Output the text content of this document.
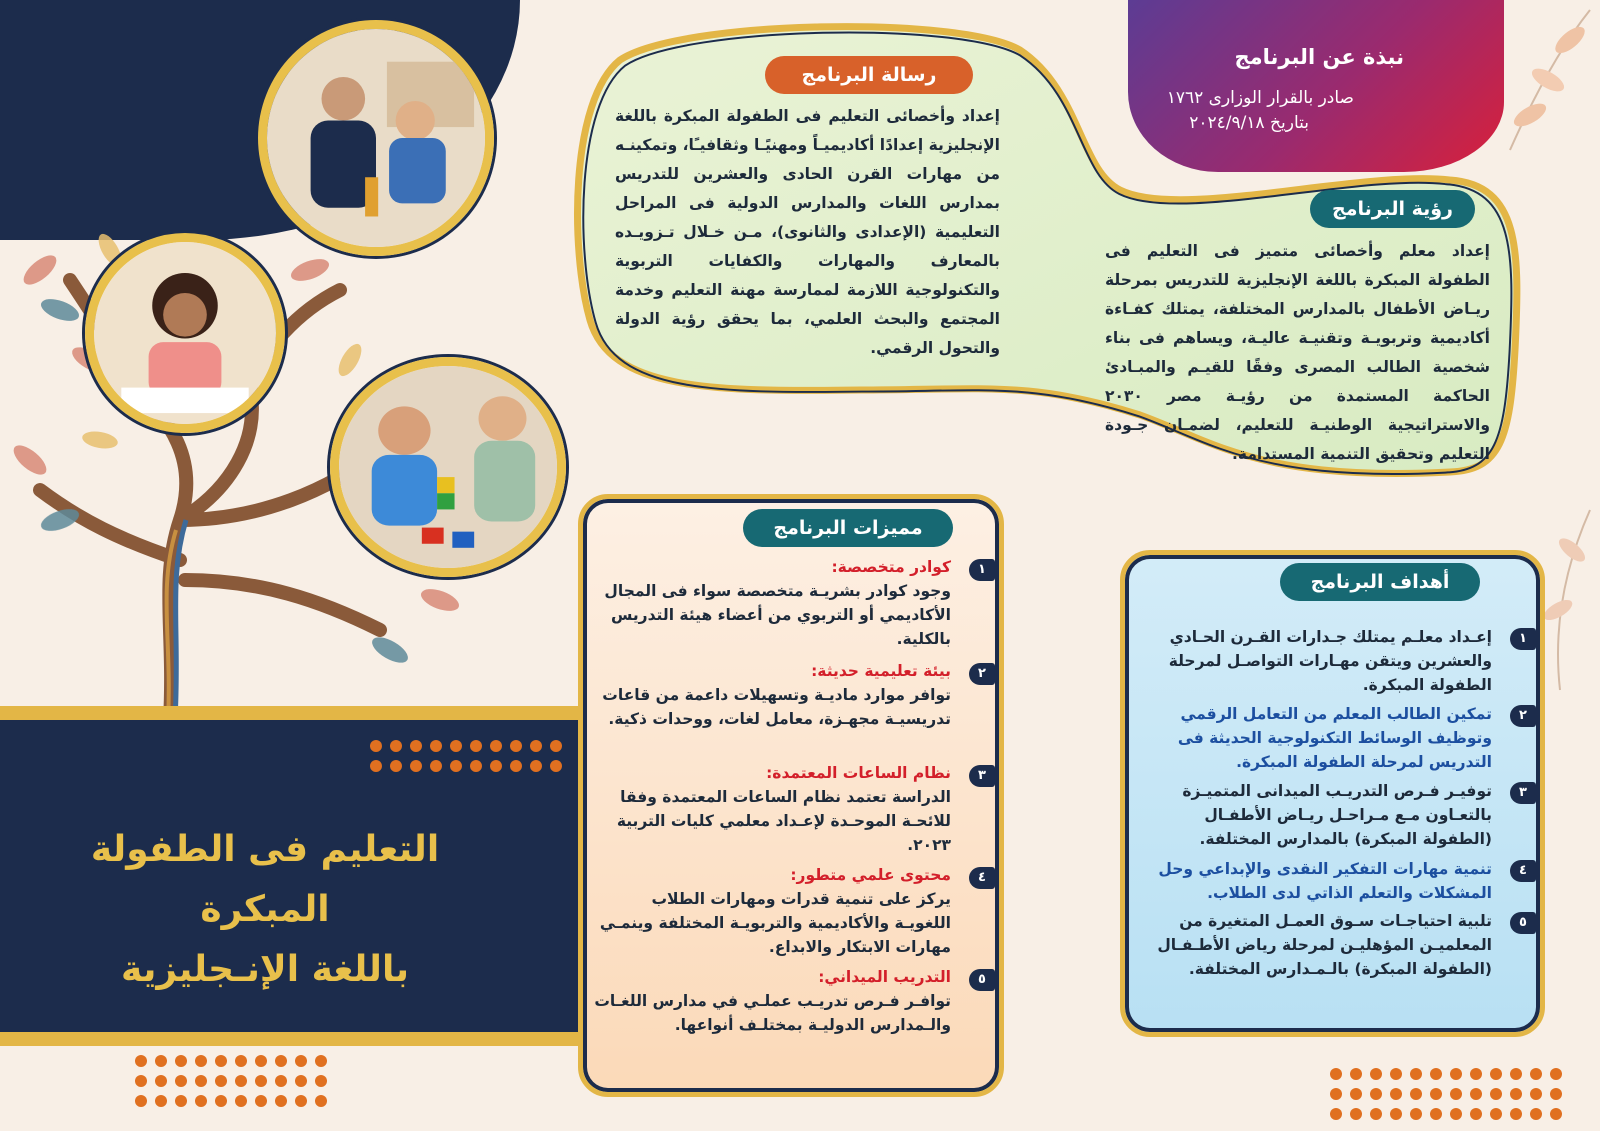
التعليم فى الطفولة المبكرة
باللغة الإنـجليزية
نبذة عن البرنامج
صادر بالقرار الوزارى ١٧٦٢
بتاريخ ٢٠٢٤/٩/١٨
رسالة البرنامج
إعداد وأخصائى التعليم فى الطفولة المبكرة باللغة الإنجليزية إعدادًا أكاديميـاً ومهنيًـا وثقافيـًا، وتمكينـه من مهارات القرن الحادى والعشرين للتدريس بمدارس اللغات والمدارس الدولية فى المراحل التعليمية (الإعدادى والثانوى)، مـن خـلال تـزويـده بالمعارف والمهارات والكفايات التربوية والتكنولوجية اللازمة لممارسة مهنة التعليم وخدمة المجتمع والبحث العلمي، بما يحقق رؤية الدولة والتحول الرقمي.
رؤية البرنامج
إعداد معلم وأخصائى متميز فى التعليم فى الطفولة المبكرة باللغة الإنجليزية للتدريس بمرحلة ريـاض الأطفال بالمدارس المختلفة، يمتلك كفـاءة أكاديمية وتربويـة وتقنيـة عاليـة، ويساهم فى بناء شخصية الطالب المصرى وفقًا للقيـم والمبـادئ الحاكمة المستمدة من رؤيـة مصر ٢٠٣٠ والاستراتيجية الوطنيـة للتعليم، لضمـان جـودة التعليم وتحقيق التنمية المستدامة.
مميزات البرنامج
١
كوادر متخصصة:
وجود كوادر بشريـة متخصصة سواء فى المجال الأكاديمي أو التربوي من أعضاء هيئة التدريس بالكلية.
٢
بيئة تعليمية حديثة:
توافر موارد ماديـة وتسهيلات داعمة من قاعات تدريسيـة مجهـزة، معامل لغات، ووحدات ذكية.
٣
نظام الساعات المعتمدة:
الدراسة تعتمد نظام الساعات المعتمدة وفقا للائحـة الموحـدة لإعـداد معلمي كليات التربية ٢٠٢٣.
٤
محتوى علمي متطور:
يركز على تنمية قدرات ومهارات الطلاب اللغويـة والأكاديمية والتربويـة المختلفة وينمـي مهارات الابتكار والابداع.
٥
التدريب الميداني:
توافـر فـرص تدريـب عملـي في مدارس اللغـات والـمدارس الدوليـة بمختلـف أنواعها.
أهداف البرنامج
١
إعـداد معلـم يمتلك جـدارات القـرن الحـادي والعشرين ويتقن مهـارات التواصـل لمرحلة الطفولة المبكرة.
٢
تمكين الطالب المعلم من التعامل الرقمي وتوظيف الوسائط التكنولوجية الحديثة فى التدريس لمرحلة الطفولة المبكرة.
٣
توفيـر فـرص التدريـب الميدانى المتميـزة بالتعـاون مـع مـراحـل ريـاض الأطفـال (الطفولة المبكرة) بالمدارس المختلفة.
٤
تنمية مهارات التفكير النقدى والإبداعي وحل المشكلات والتعلم الذاتي لدى الطلاب.
٥
تلبية احتياجـات سـوق العمـل المتغيرة من المعلميـن المؤهليـن لمرحلة رياض الأطـفـال (الطفولة المبكرة) بالـمـدارس المختلفة.
